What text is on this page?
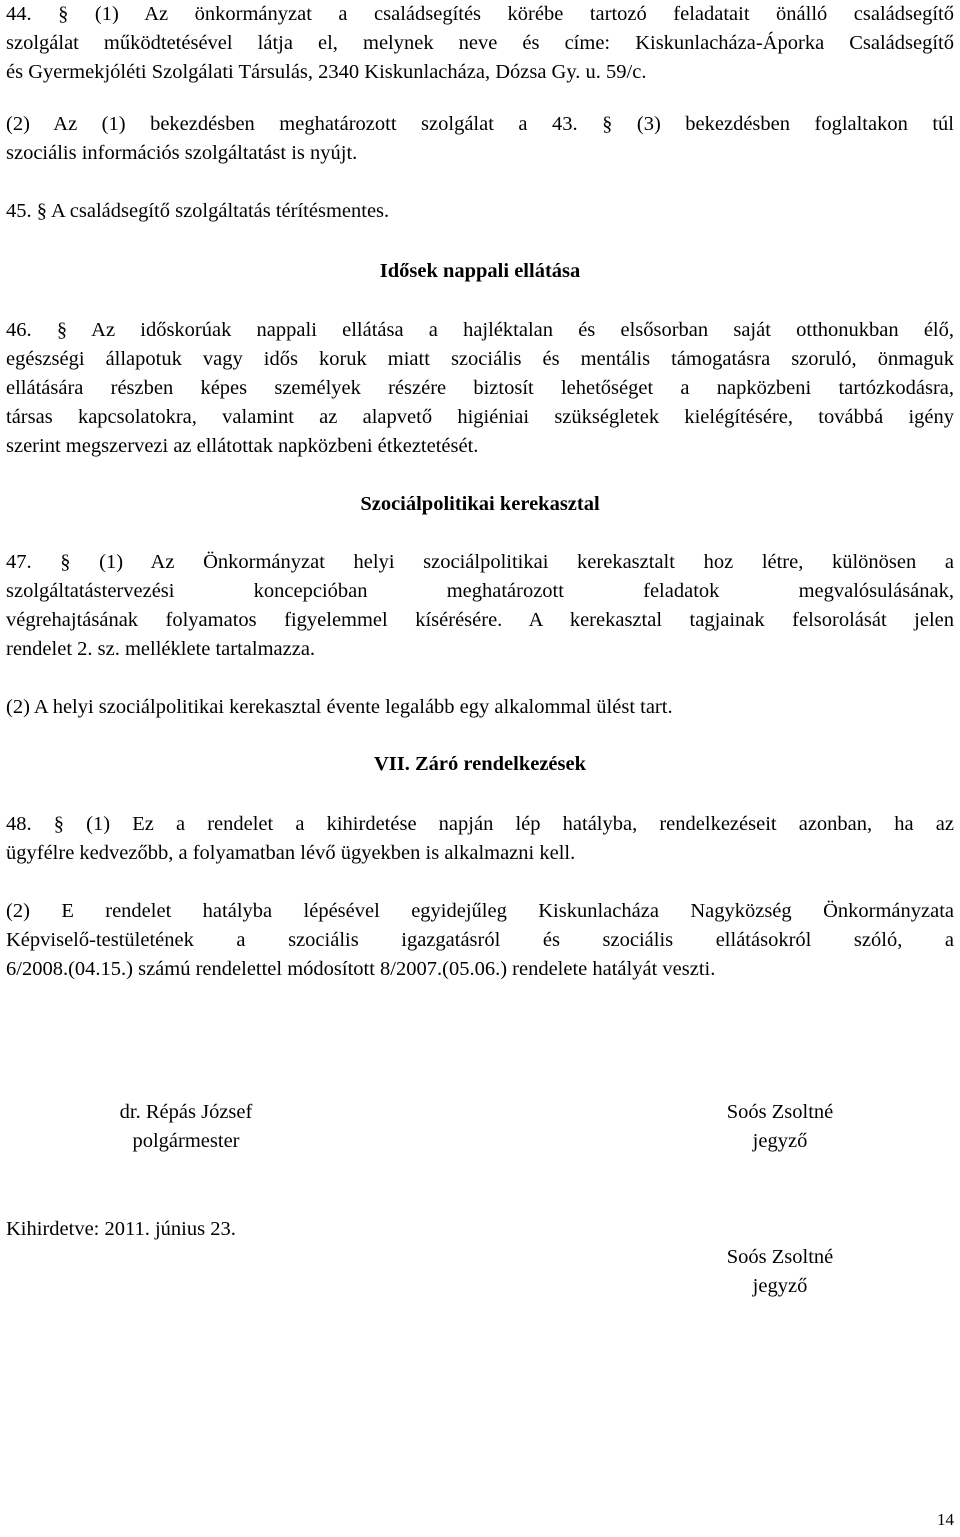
44. § (1) Az önkormányzat a családsegítés körébe tartozó feladatait önálló családsegítő
szolgálat működtetésével látja el, melynek neve és címe: Kiskunlacháza-Áporka Családsegítő
és Gyermekjóléti Szolgálati Társulás, 2340 Kiskunlacháza, Dózsa Gy. u. 59/c.
(2) Az (1) bekezdésben meghatározott szolgálat a 43. § (3) bekezdésben foglaltakon túl
szociális információs szolgáltatást is nyújt.
45. § A családsegítő szolgáltatás térítésmentes.
Idősek nappali ellátása
46. § Az időskorúak nappali ellátása a hajléktalan és elsősorban saját otthonukban élő,
egészségi állapotuk vagy idős koruk miatt szociális és mentális támogatásra szoruló, önmaguk
ellátására részben képes személyek részére biztosít lehetőséget a napközbeni tartózkodásra,
társas kapcsolatokra, valamint az alapvető higiéniai szükségletek kielégítésére, továbbá igény
szerint megszervezi az ellátottak napközbeni étkeztetését.
Szociálpolitikai kerekasztal
47. § (1) Az Önkormányzat helyi szociálpolitikai kerekasztalt hoz létre, különösen a
szolgáltatástervezési koncepcióban meghatározott feladatok megvalósulásának,
végrehajtásának folyamatos figyelemmel kísérésére. A kerekasztal tagjainak felsorolását jelen
rendelet 2. sz. melléklete tartalmazza.
(2) A helyi szociálpolitikai kerekasztal évente legalább egy alkalommal ülést tart.
VII. Záró rendelkezések
48. § (1) Ez a rendelet a kihirdetése napján lép hatályba, rendelkezéseit azonban, ha az
ügyfélre kedvezőbb, a folyamatban lévő ügyekben is alkalmazni kell.
(2) E rendelet hatályba lépésével egyidejűleg Kiskunlacháza Nagyközség Önkormányzata
Képviselő-testületének a szociális igazgatásról és szociális ellátásokról szóló, a
6/2008.(04.15.) számú rendelettel módosított 8/2007.(05.06.) rendelete hatályát veszti.
dr. Répás József
polgármester
Soós Zsoltné
jegyző
Kihirdetve: 2011. június 23.
Soós Zsoltné
jegyző
14
